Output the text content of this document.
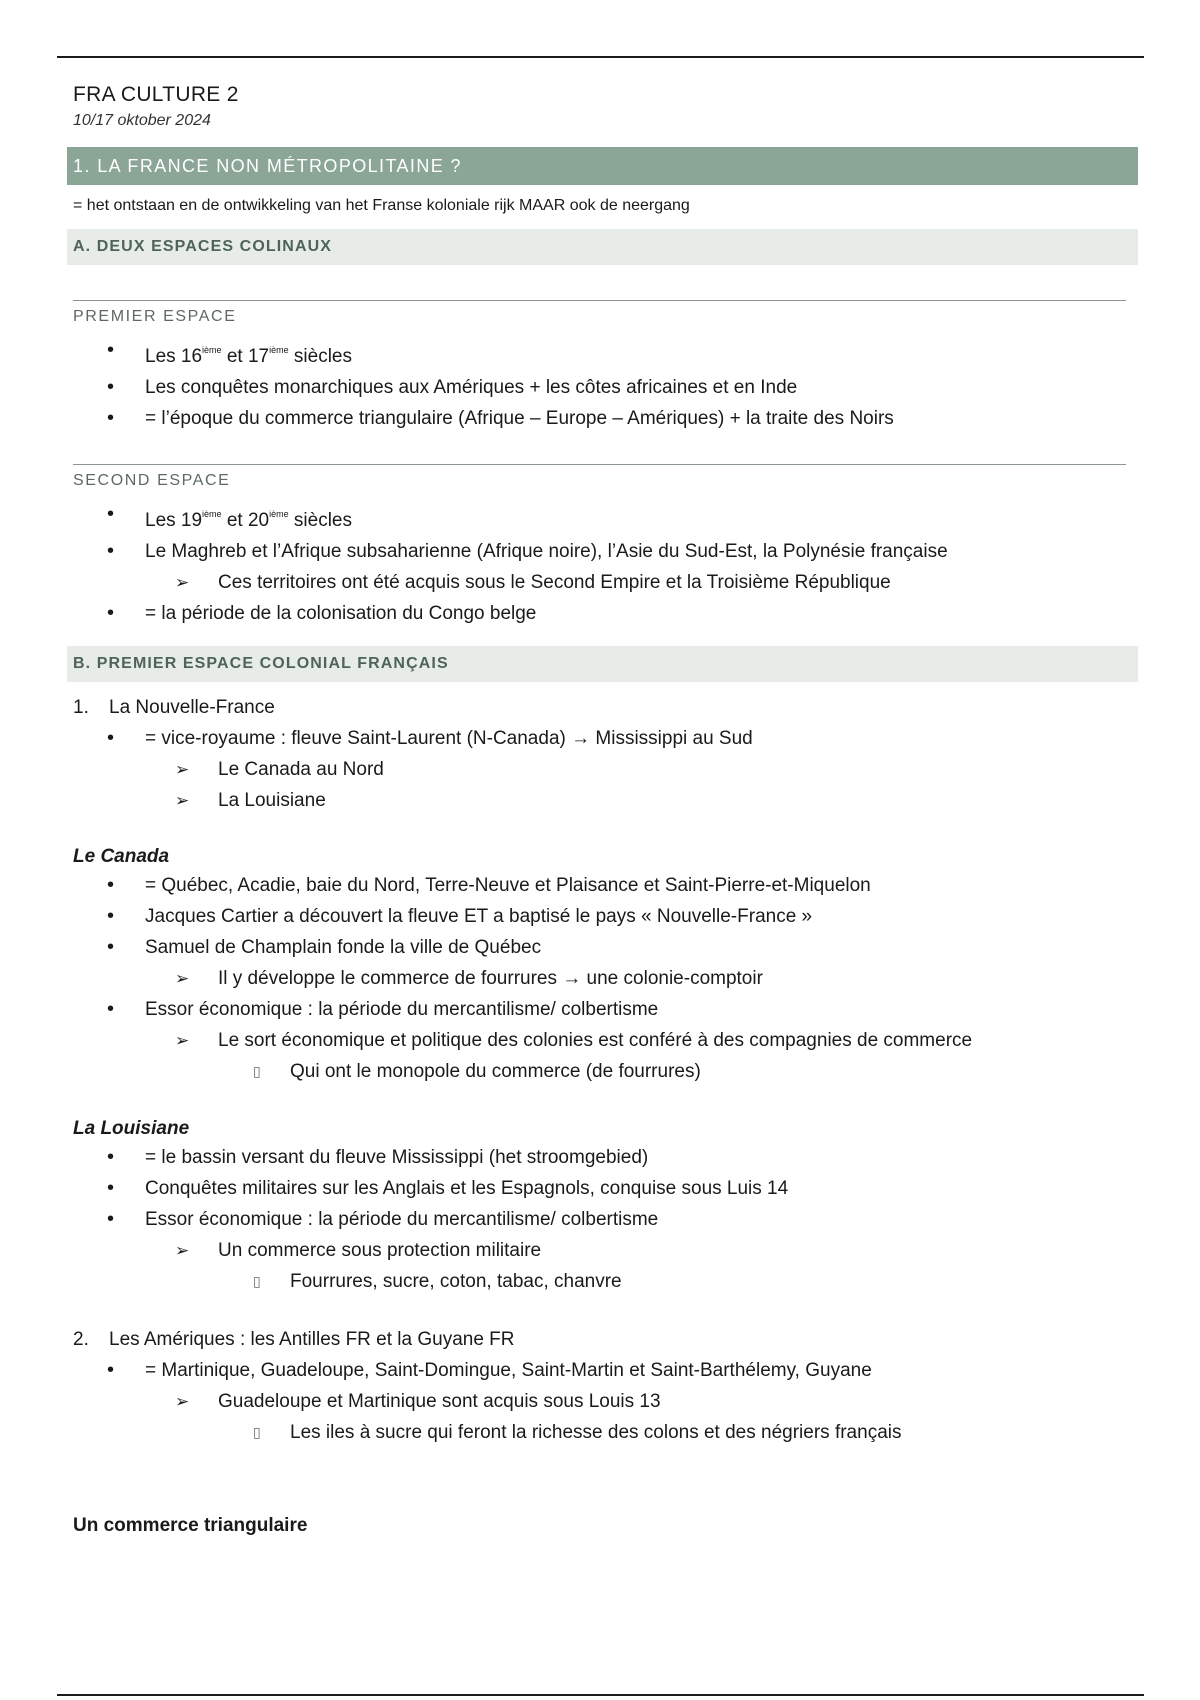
FRA CULTURE 2

10/17 oktober 2024

1. LA FRANCE NON MÉTROPOLITAINE ?

= het ontstaan en de ontwikkeling van het Franse koloniale rijk MAAR ook de neergang

A. DEUX ESPACES COLINAUX

PREMIER ESPACE

• Les 16ième et 17ième siècles
• Les conquêtes monarchiques aux Amériques + les côtes africaines et en Inde
• = l’époque du commerce triangulaire (Afrique – Europe – Amériques) + la traite des Noirs

SECOND ESPACE

• Les 19ième et 20ième siècles
• Le Maghreb et l’Afrique subsaharienne (Afrique noire), l’Asie du Sud-Est, la Polynésie française
➢ Ces territoires ont été acquis sous le Second Empire et la Troisième République
• = la période de la colonisation du Congo belge
B. PREMIER ESPACE COLONIAL FRANÇAIS
1. La Nouvelle-France
• = vice-royaume : fleuve Saint-Laurent (N-Canada) → Mississippi au Sud
➢ Le Canada au Nord
➢ La Louisiane

Le Canada

• = Québec, Acadie, baie du Nord, Terre-Neuve et Plaisance et Saint-Pierre-et-Miquelon
• Jacques Cartier a découvert la fleuve ET a baptisé le pays « Nouvelle-France »
• Samuel de Champlain fonde la ville de Québec
➢ Il y développe le commerce de fourrures → une colonie-comptoir
• Essor économique : la période du mercantilisme/ colbertisme
➢ Le sort économique et politique des colonies est conféré à des compagnies de commerce
▯ Qui ont le monopole du commerce (de fourrures)

La Louisiane

• = le bassin versant du fleuve Mississippi (het stroomgebied)
• Conquêtes militaires sur les Anglais et les Espagnols, conquise sous Luis 14
• Essor économique : la période du mercantilisme/ colbertisme
➢ Un commerce sous protection militaire
▯ Fourrures, sucre, coton, tabac, chanvre
2. Les Amériques : les Antilles FR et la Guyane FR
• = Martinique, Guadeloupe, Saint-Domingue, Saint-Martin et Saint-Barthélemy, Guyane
➢ Guadeloupe et Martinique sont acquis sous Louis 13
▯ Les iles à sucre qui feront la richesse des colons et des négriers français

Un commerce triangulaire
